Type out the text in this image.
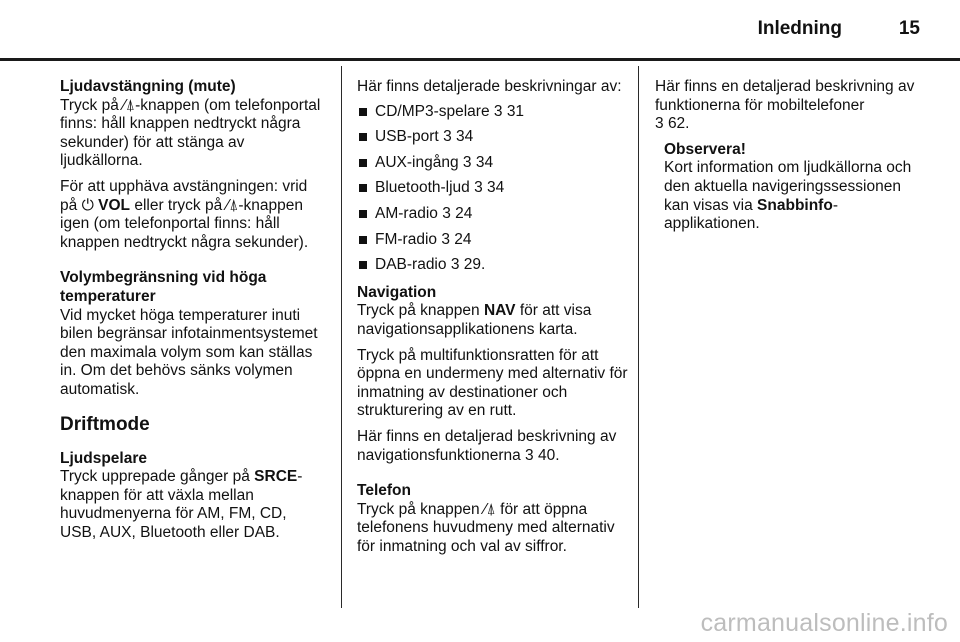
Inledning	15

Ljudavstängning (mute)

Tryck på ⁄⍋-knappen (om telefonportal finns: håll knappen nedtryckt några sekunder) för att stänga av ljudkällorna.

För att upphäva avstängningen: vrid på ⏻ VOL eller tryck på ⁄⍋-knappen igen (om telefonportal finns: håll knappen nedtryckt några sekunder).

Volymbegränsning vid höga temperaturer

Vid mycket höga temperaturer inuti bilen begränsar infotainmentsystemet den maximala volym som kan ställas in. Om det behövs sänks volymen automatisk.

Driftmode

Ljudspelare

Tryck upprepade gånger på SRCE-knappen för att växla mellan huvudmenyerna för AM, FM, CD, USB, AUX, Bluetooth eller DAB.

Här finns detaljerade beskrivningar av:

CD/MP3-spelare 3 31
USB-port 3 34
AUX-ingång 3 34
Bluetooth-ljud 3 34
AM-radio 3 24
FM-radio 3 24
DAB-radio 3 29.

Navigation

Tryck på knappen NAV för att visa navigationsapplikationens karta.

Tryck på multifunktionsratten för att öppna en undermeny med alternativ för inmatning av destinationer och strukturering av en rutt.

Här finns en detaljerad beskrivning av navigationsfunktionerna 3 40.

Telefon

Tryck på knappen ⁄⍋ för att öppna telefonens huvudmeny med alternativ för inmatning och val av siffror.

Här finns en detaljerad beskrivning av funktionerna för mobiltelefoner
3 62.

Observera!

Kort information om ljudkällorna och den aktuella navigeringssessionen kan visas via Snabbinfo-applikationen.

carmanualsonline.info
